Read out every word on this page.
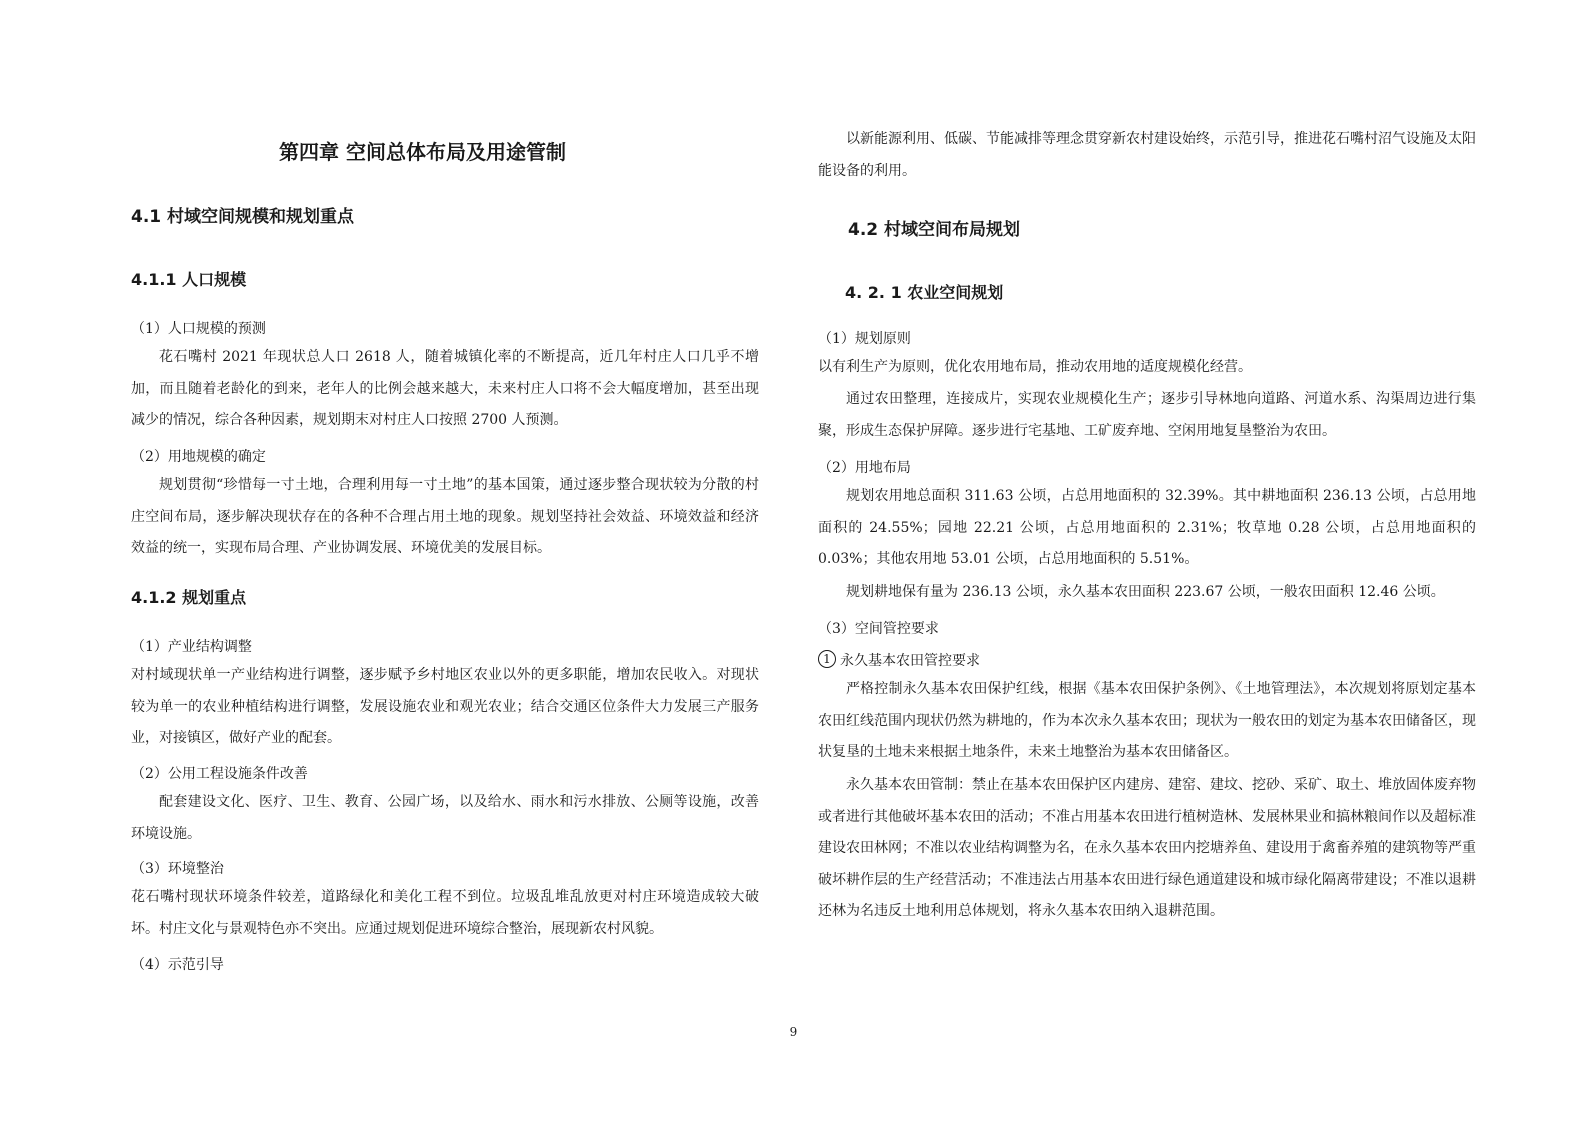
第四章 空间总体布局及用途管制
4.1 村域空间规模和规划重点
4.1.1 人口规模

（1）人口规模的预测

花石嘴村 2021 年现状总人口 2618 人，随着城镇化率的不断提高，近几年村庄人口几乎不增加，而且随着老龄化的到来，老年人的比例会越来越大，未来村庄人口将不会大幅度增加，甚至出现减少的情况，综合各种因素，规划期末对村庄人口按照 2700 人预测。

（2）用地规模的确定

规划贯彻“珍惜每一寸土地，合理利用每一寸土地”的基本国策，通过逐步整合现状较为分散的村庄空间布局，逐步解决现状存在的各种不合理占用土地的现象。规划坚持社会效益、环境效益和经济效益的统一，实现布局合理、产业协调发展、环境优美的发展目标。

4.1.2 规划重点

（1）产业结构调整

对村域现状单一产业结构进行调整，逐步赋予乡村地区农业以外的更多职能，增加农民收入。对现状较为单一的农业种植结构进行调整，发展设施农业和观光农业；结合交通区位条件大力发展三产服务业，对接镇区，做好产业的配套。

（2）公用工程设施条件改善

配套建设文化、医疗、卫生、教育、公园广场，以及给水、雨水和污水排放、公厕等设施，改善环境设施。

（3）环境整治

花石嘴村现状环境条件较差，道路绿化和美化工程不到位。垃圾乱堆乱放更对村庄环境造成较大破坏。村庄文化与景观特色亦不突出。应通过规划促进环境综合整治，展现新农村风貌。

（4）示范引导

以新能源利用、低碳、节能减排等理念贯穿新农村建设始终，示范引导，推进花石嘴村沼气设施及太阳能设备的利用。

4.2 村域空间布局规划
4. 2. 1 农业空间规划

（1）规划原则

以有利生产为原则，优化农用地布局，推动农用地的适度规模化经营。

通过农田整理，连接成片，实现农业规模化生产；逐步引导林地向道路、河道水系、沟渠周边进行集聚，形成生态保护屏障。逐步进行宅基地、工矿废弃地、空闲用地复垦整治为农田。

（2）用地布局

规划农用地总面积 311.63 公顷，占总用地面积的 32.39%。其中耕地面积 236.13 公顷，占总用地面积的 24.55%；园地 22.21 公顷，占总用地面积的 2.31%；牧草地 0.28 公顷，占总用地面积的 0.03%；其他农用地 53.01 公顷，占总用地面积的 5.51%。

规划耕地保有量为 236.13 公顷，永久基本农田面积 223.67 公顷，一般农田面积 12.46 公顷。

（3）空间管控要求

1 永久基本农田管控要求

严格控制永久基本农田保护红线，根据《基本农田保护条例》、《土地管理法》，本次规划将原划定基本农田红线范围内现状仍然为耕地的，作为本次永久基本农田；现状为一般农田的划定为基本农田储备区，现状复垦的土地未来根据土地条件，未来土地整治为基本农田储备区。

永久基本农田管制：禁止在基本农田保护区内建房、建窑、建坟、挖砂、采矿、取土、堆放固体废弃物或者进行其他破坏基本农田的活动；不准占用基本农田进行植树造林、发展林果业和搞林粮间作以及超标准建设农田林网；不准以农业结构调整为名，在永久基本农田内挖塘养鱼、建设用于禽畜养殖的建筑物等严重破坏耕作层的生产经营活动；不准违法占用基本农田进行绿色通道建设和城市绿化隔离带建设；不准以退耕还林为名违反土地利用总体规划，将永久基本农田纳入退耕范围。

9
